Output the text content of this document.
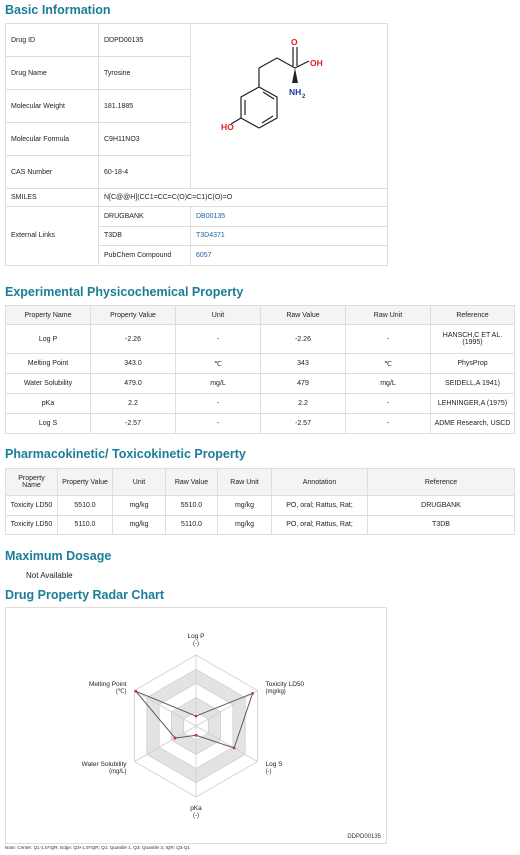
Basic Information
Drug ID	DDPD00135	HO
OH
O
NH 2

Drug Name	Tyrosine	
Molecular Weight	181.1885	
Molecular Formula	C9H11NO3	
CAS Number	60-18-4	
SMILES	N[C@@H](CC1=CC=C(O)C=C1)C(O)=O	
External Links	DRUGBANK	DB00135
	T3DB	T3D4371
	PubChem Compound	6057
Experimental Physicochemical Property
Property Name	Property Value	Unit	Raw Value	Raw Unit	Reference
Log P	-2.26	-	-2.26	-	HANSCH,C ET AL. (1995)
Melting Point	343.0	℃	343	℃	PhysProp
Water Solubility	479.0	mg/L	479	mg/L	SEIDELL,A 1941)
pKa	2.2	-	2.2	-	LEHNINGER,A (1975)
Log S	-2.57	-	-2.57	-	ADME Research, USCD
Pharmacokinetic/ Toxicokinetic Property
Property Name	Property Value	Unit	Raw Value	Raw Unit	Annotation	Reference
Toxicity LD50	5510.0	mg/kg	5510.0	mg/kg	PO, oral; Rattus, Rat;	DRUGBANK
Toxicity LD50	5110.0	mg/kg	5110.0	mg/kg	PO, oral; Rattus, Rat;	T3DB
Maximum Dosage
Not Available
Drug Property Radar Chart
Log P
(-)
Toxicity LD50
(mg/kg)
Log S
(-)
pKa
(-)
Water Solubility
(mg/L)
Melting Point
(℃)
DDPD00135
Note: Center: Q1-1.5*IQR, Edge: Q3+1.5*IQR; Q1: Quantile 1, Q3: Quantile 3, IQR: Q3-Q1
